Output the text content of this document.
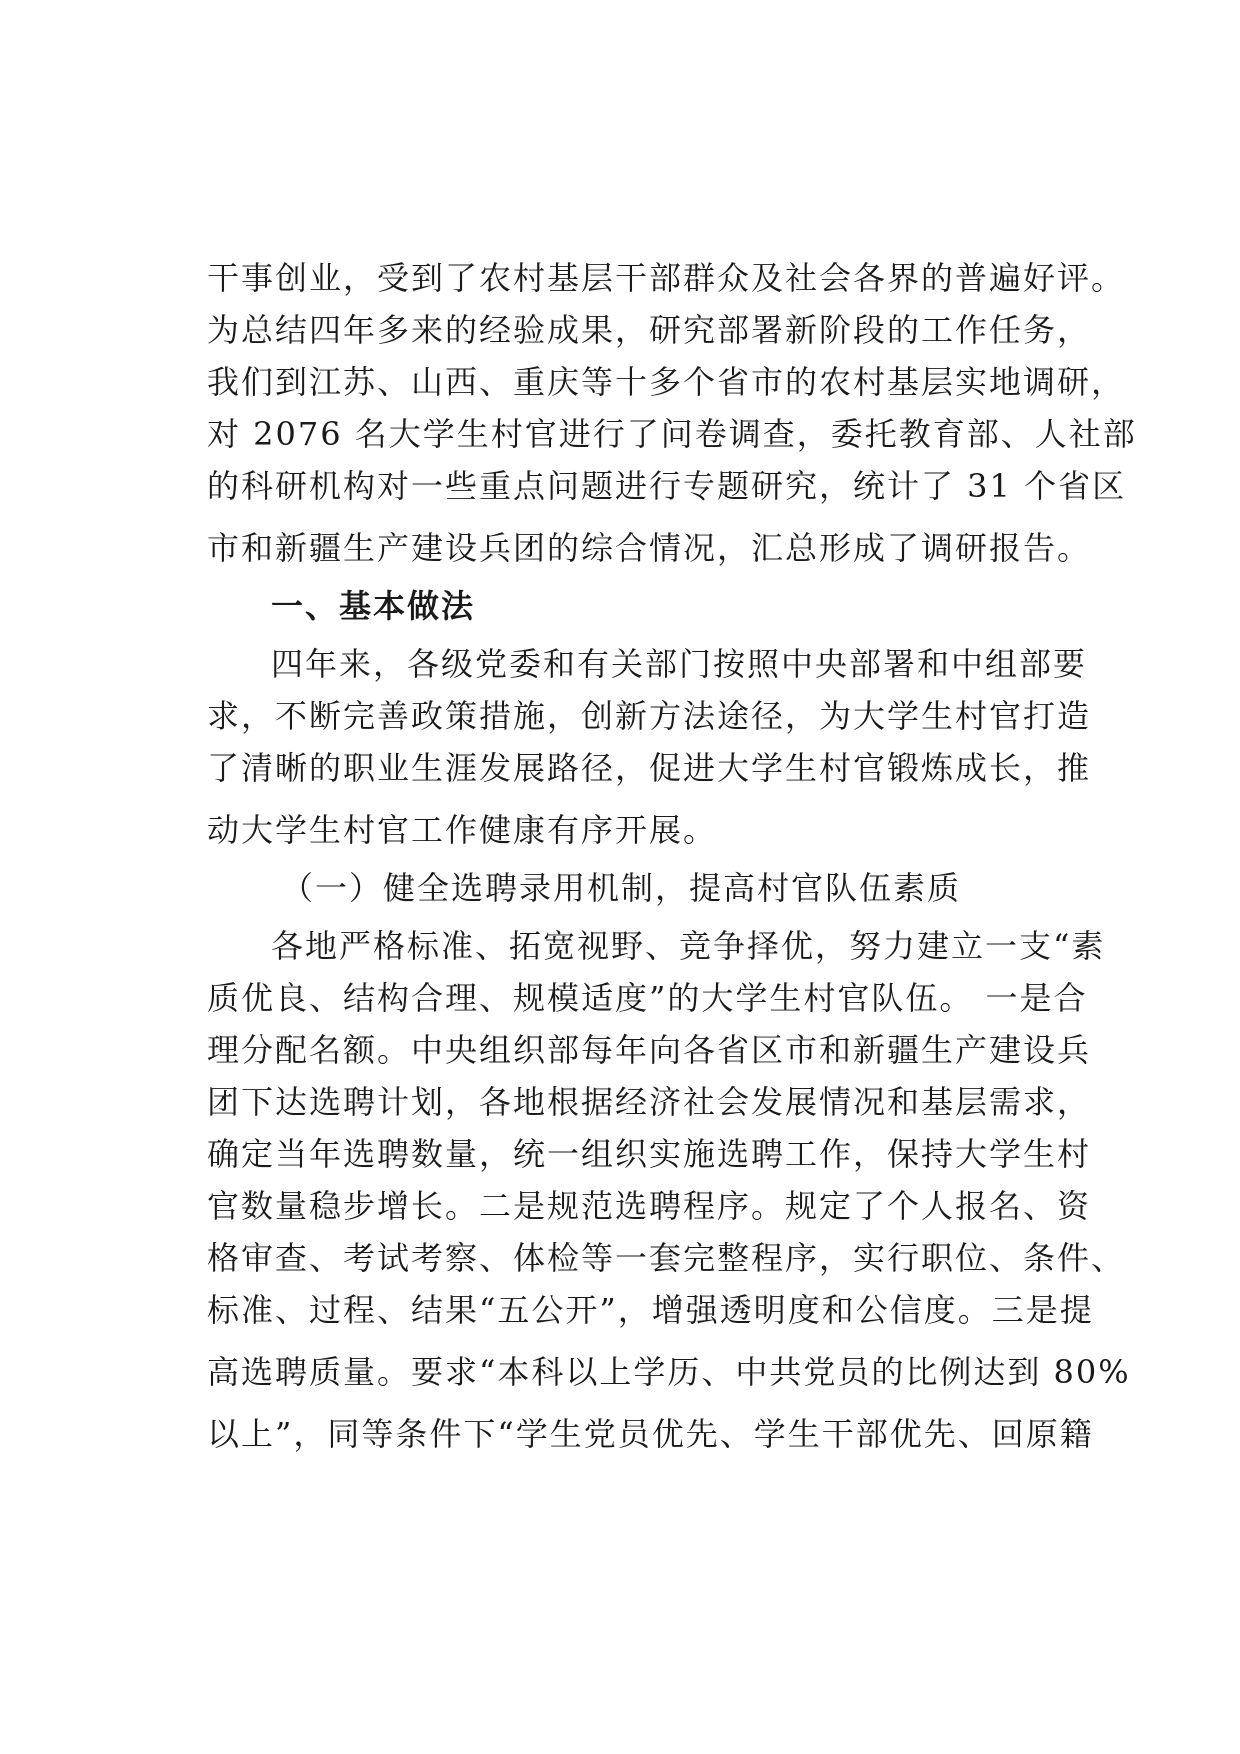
干事创业，受到了农村基层干部群众及社会各界的普遍好评。
为总结四年多来的经验成果，研究部署新阶段的工作任务，
我们到江苏、山西、重庆等十多个省市的农村基层实地调研，
对 2076 名大学生村官进行了问卷调查，委托教育部、人社部
的科研机构对一些重点问题进行专题研究，统计了 31 个省区
市和新疆生产建设兵团的综合情况，汇总形成了调研报告。
一、基本做法
四年来，各级党委和有关部门按照中央部署和中组部要
求，不断完善政策措施，创新方法途径，为大学生村官打造
了清晰的职业生涯发展路径，促进大学生村官锻炼成长，推
动大学生村官工作健康有序开展。
（一）健全选聘录用机制，提高村官队伍素质
各地严格标准、拓宽视野、竞争择优，努力建立一支“素
质优良、结构合理、规模适度”的大学生村官队伍。 一是合
理分配名额。中央组织部每年向各省区市和新疆生产建设兵
团下达选聘计划，各地根据经济社会发展情况和基层需求，
确定当年选聘数量，统一组织实施选聘工作，保持大学生村
官数量稳步增长。二是规范选聘程序。规定了个人报名、资
格审查、考试考察、体检等一套完整程序，实行职位、条件、
标准、过程、结果“五公开”，增强透明度和公信度。三是提
高选聘质量。要求“本科以上学历、中共党员的比例达到 80%
以上”，同等条件下“学生党员优先、学生干部优先、回原籍
